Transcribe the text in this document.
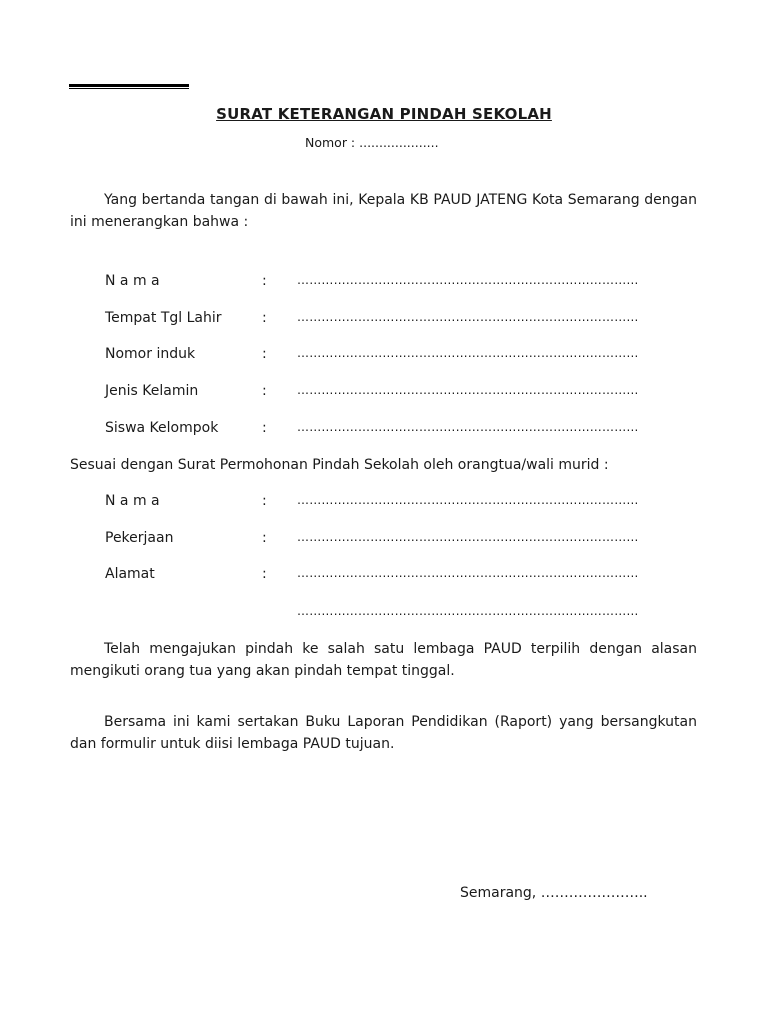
SURAT KETERANGAN PINDAH SEKOLAH
Nomor : ....................
Yang bertanda tangan di bawah ini, Kepala KB PAUD JATENG Kota Semarang dengan ini menerangkan bahwa :
N a m a	:	…………………………………………………………………………
Tempat Tgl Lahir	:	…………………………………………………………………………
Nomor induk	:	…………………………………………………………………………
Jenis Kelamin	:	…………………………………………………………………………
Siswa Kelompok	:	…………………………………………………………………………
Sesuai dengan Surat Permohonan Pindah Sekolah oleh orangtua/wali murid :
N a m a	:	…………………………………………………………………………
Pekerjaan	:	…………………………………………………………………………
Alamat	:	…………………………………………………………………………
…………………………………………………………………………
Telah mengajukan pindah ke salah satu lembaga PAUD terpilih dengan alasan mengikuti orang tua yang akan pindah tempat tinggal.
Bersama ini kami sertakan Buku Laporan Pendidikan (Raport) yang bersangkutan dan formulir untuk diisi lembaga PAUD tujuan.
Semarang, …………………..
